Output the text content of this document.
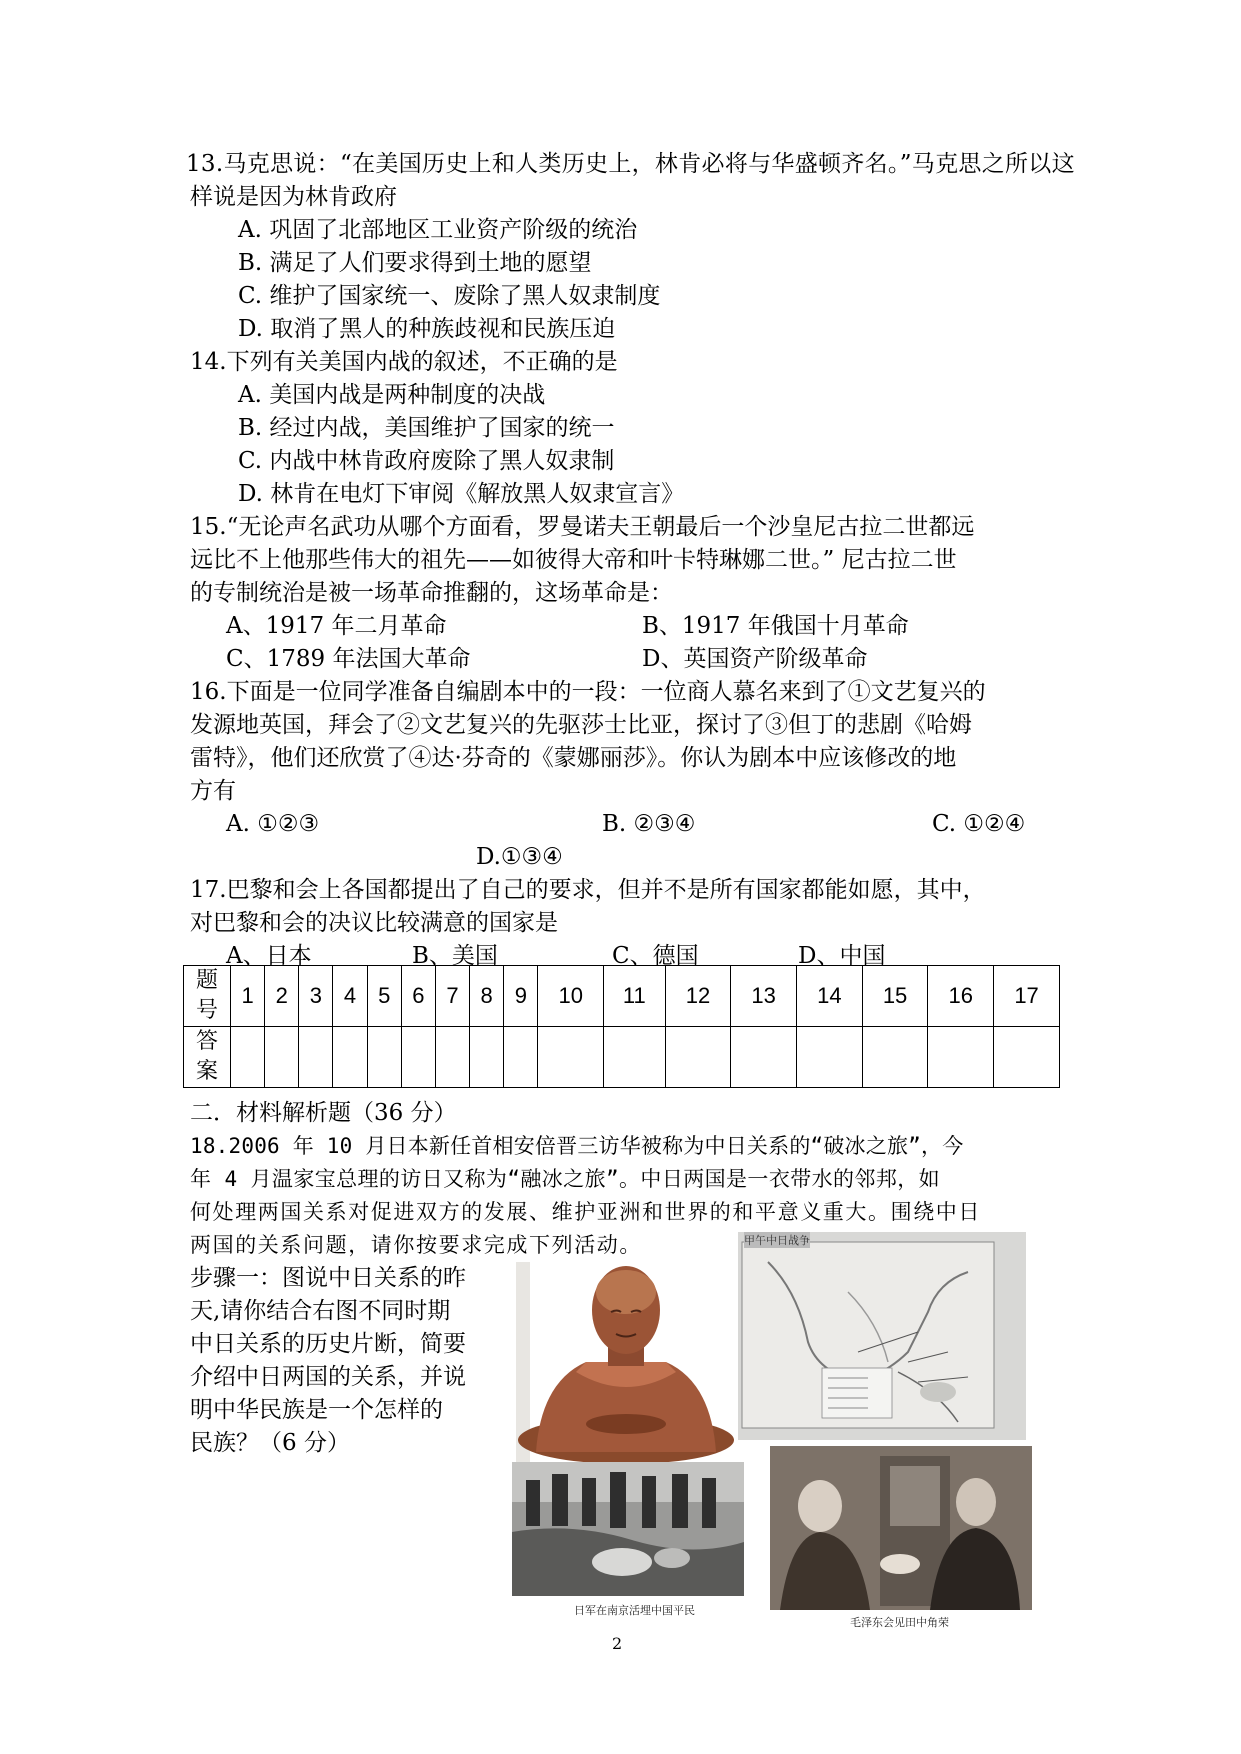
13.马克思说：“在美国历史上和人类历史上，林肯必将与华盛顿齐名。”马克思之所以这
样说是因为林肯政府
A. 巩固了北部地区工业资产阶级的统治
B. 满足了人们要求得到土地的愿望
C. 维护了国家统一、废除了黑人奴隶制度
D. 取消了黑人的种族歧视和民族压迫
14.下列有关美国内战的叙述，不正确的是
A. 美国内战是两种制度的决战
B. 经过内战，美国维护了国家的统一
C. 内战中林肯政府废除了黑人奴隶制
D. 林肯在电灯下审阅《解放黑人奴隶宣言》
15.“无论声名武功从哪个方面看，罗曼诺夫王朝最后一个沙皇尼古拉二世都远
远比不上他那些伟大的祖先——如彼得大帝和叶卡特琳娜二世。” 尼古拉二世
的专制统治是被一场革命推翻的，这场革命是：
A、1917 年二月革命	B、1917 年俄国十月革命
C、1789 年法国大革命	D、英国资产阶级革命
16.下面是一位同学准备自编剧本中的一段：一位商人慕名来到了①文艺复兴的
发源地英国，拜会了②文艺复兴的先驱莎士比亚，探讨了③但丁的悲剧《哈姆
雷特》，他们还欣赏了④达·芬奇的《蒙娜丽莎》。你认为剧本中应该修改的地
方有
A. ①②③	B. ②③④	C. ①②④
D.①③④
17.巴黎和会上各国都提出了自己的要求，但并不是所有国家都能如愿，其中，
对巴黎和会的决议比较满意的国家是
A、日本	B、美国	C、德国	D、中国
题号	1	2	3	4	5	6	7	8	9	10	11	12	13	14	15	16	17
答案																	
二．材料解析题（36 分）
18.2006 年 10 月日本新任首相安倍晋三访华被称为中日关系的“破冰之旅”，今
年 4 月温家宝总理的访日又称为“融冰之旅”。中日两国是一衣带水的邻邦，如
何处理两国关系对促进双方的发展、维护亚洲和世界的和平意义重大。围绕中日
两国的关系问题，请你按要求完成下列活动。
步骤一：图说中日关系的昨
天,请你结合右图不同时期
中日关系的历史片断，简要
介绍中日两国的关系，并说
明中华民族是一个怎样的
民族？（6 分）
甲午中日战争
日军在南京活埋中国平民
毛泽东会见田中角荣
2
